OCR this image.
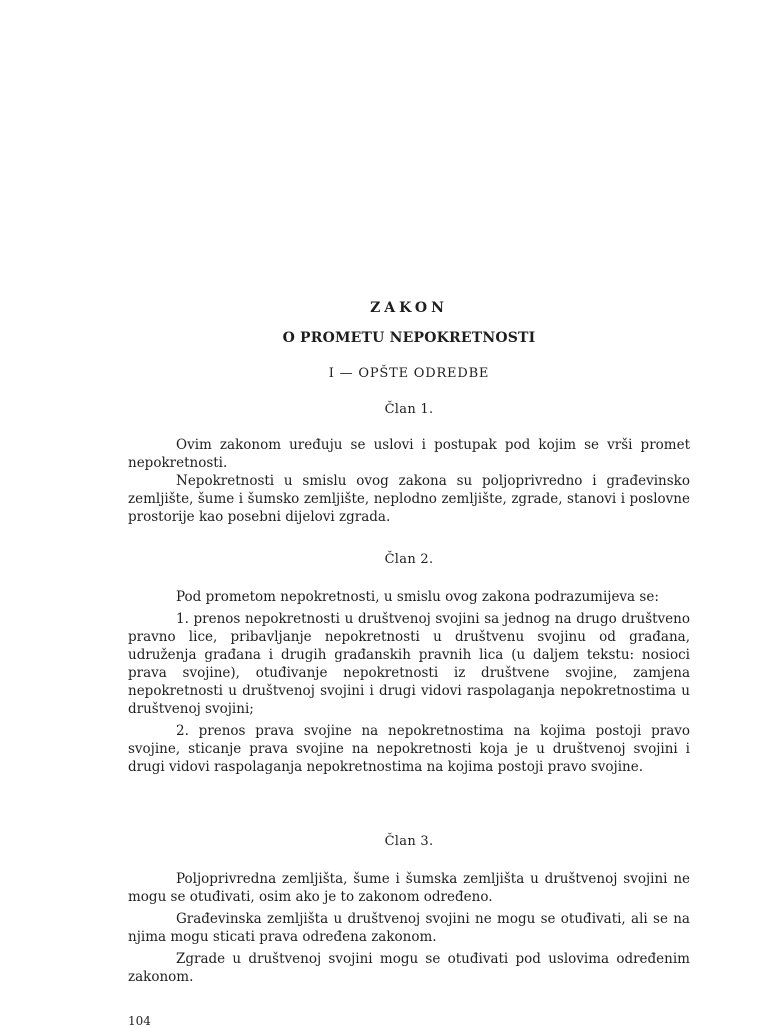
ZAKON
O PROMETU NEPOKRETNOSTI
I — OPŠTE ODREDBE
Član 1.

Ovim zakonom uređuju se uslovi i postupak pod kojim se vrši promet nepokretnosti.

Nepokretnosti u smislu ovog zakona su poljoprivredno i građevinsko zemljište, šume i šumsko zemljište, neplodno zemljište, zgrade, stanovi i poslovne prostorije kao posebni dijelovi zgrada.

Član 2.

Pod prometom nepokretnosti, u smislu ovog zakona podrazumijeva se:

1. prenos nepokretnosti u društvenoj svojini sa jednog na drugo društveno pravno lice, pribavljanje nepokretnosti u društvenu svojinu od građana, udruženja građana i drugih građanskih pravnih lica (u daljem tekstu: nosioci prava svojine), otuđivanje nepokretnosti iz društvene svojine, zamjena nepokretnosti u društvenoj svojini i drugi vidovi raspolaganja nepokretnostima u društvenoj svojini;

2. prenos prava svojine na nepokretnostima na kojima postoji pravo svojine, sticanje prava svojine na nepokretnosti koja je u društvenoj svojini i drugi vidovi raspolaganja nepokretnostima na kojima postoji pravo svojine.

Član 3.

Poljoprivredna zemljišta, šume i šumska zemljišta u društvenoj svojini ne mogu se otuđivati, osim ako je to zakonom određeno.

Građevinska zemljišta u društvenoj svojini ne mogu se otuđivati, ali se na njima mogu sticati prava određena zakonom.

Zgrade u društvenoj svojini mogu se otuđivati pod uslovima određenim zakonom.

104
